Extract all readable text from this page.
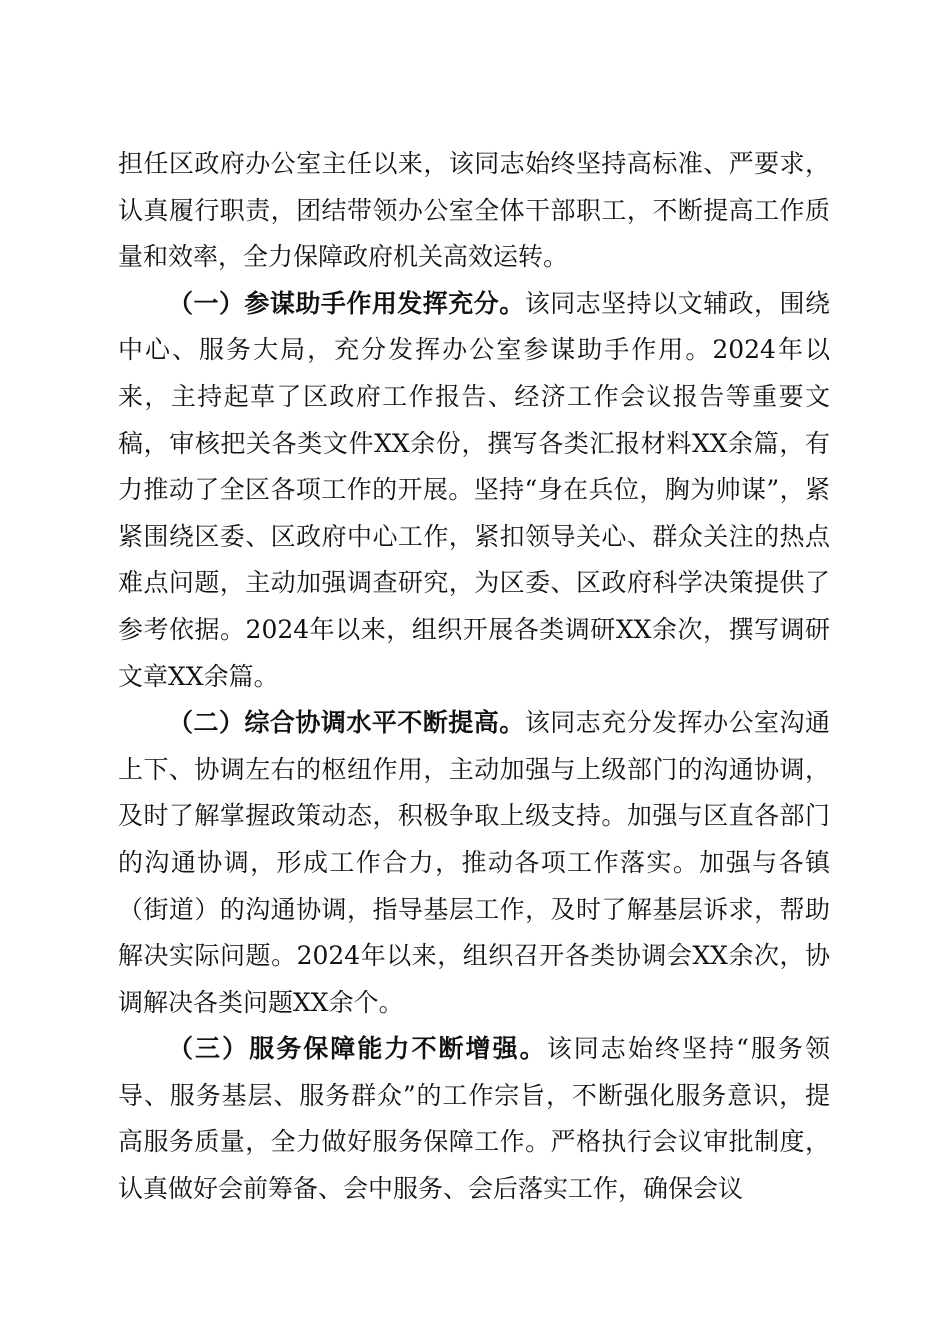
担任区政府办公室主任以来，该同志始终坚持高标准、严要求，认真履行职责，团结带领办公室全体干部职工，不断提高工作质量和效率，全力保障政府机关高效运转。

（一）参谋助手作用发挥充分。该同志坚持以文辅政，围绕中心、服务大局，充分发挥办公室参谋助手作用。2024年以来，主持起草了区政府工作报告、经济工作会议报告等重要文稿，审核把关各类文件XX余份，撰写各类汇报材料XX余篇，有力推动了全区各项工作的开展。坚持“身在兵位，胸为帅谋”，紧紧围绕区委、区政府中心工作，紧扣领导关心、群众关注的热点难点问题，主动加强调查研究，为区委、区政府科学决策提供了参考依据。2024年以来，组织开展各类调研XX余次，撰写调研文章XX余篇。

（二）综合协调水平不断提高。该同志充分发挥办公室沟通上下、协调左右的枢纽作用，主动加强与上级部门的沟通协调，及时了解掌握政策动态，积极争取上级支持。加强与区直各部门的沟通协调，形成工作合力，推动各项工作落实。加强与各镇（街道）的沟通协调，指导基层工作，及时了解基层诉求，帮助解决实际问题。2024年以来，组织召开各类协调会XX余次，协调解决各类问题XX余个。

（三）服务保障能力不断增强。该同志始终坚持“服务领导、服务基层、服务群众”的工作宗旨，不断强化服务意识，提高服务质量，全力做好服务保障工作。严格执行会议审批制度，认真做好会前筹备、会中服务、会后落实工作，确保会议
